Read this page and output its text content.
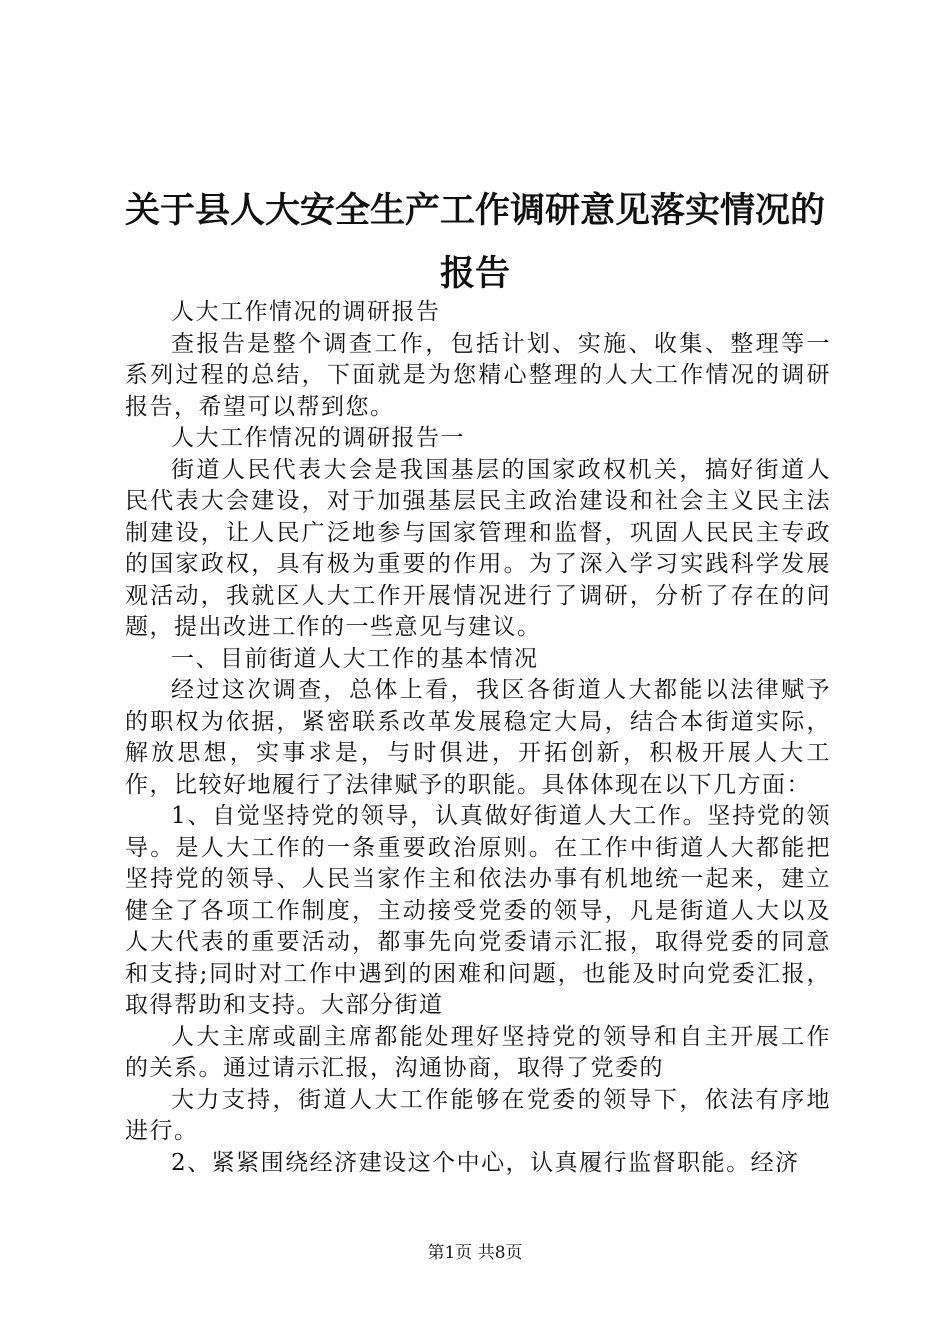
关于县人大安全生产工作调研意见落实情况的报告

人大工作情况的调研报告

查报告是整个调查工作，包括计划、实施、收集、整理等一系列过程的总结，下面就是为您精心整理的人大工作情况的调研报告，希望可以帮到您。

人大工作情况的调研报告一

街道人民代表大会是我国基层的国家政权机关，搞好街道人民代表大会建设，对于加强基层民主政治建设和社会主义民主法制建设，让人民广泛地参与国家管理和监督，巩固人民民主专政的国家政权，具有极为重要的作用。为了深入学习实践科学发展观活动，我就区人大工作开展情况进行了调研，分析了存在的问题，提出改进工作的一些意见与建议。

一、目前街道人大工作的基本情况

经过这次调查，总体上看，我区各街道人大都能以法律赋予的职权为依据，紧密联系改革发展稳定大局，结合本街道实际，解放思想，实事求是，与时俱进，开拓创新，积极开展人大工作，比较好地履行了法律赋予的职能。具体体现在以下几方面：

1、自觉坚持党的领导，认真做好街道人大工作。坚持党的领导。是人大工作的一条重要政治原则。在工作中街道人大都能把坚持党的领导、人民当家作主和依法办事有机地统一起来，建立健全了各项工作制度，主动接受党委的领导，凡是街道人大以及人大代表的重要活动，都事先向党委请示汇报，取得党委的同意和支持;同时对工作中遇到的困难和问题，也能及时向党委汇报，取得帮助和支持。大部分街道

人大主席或副主席都能处理好坚持党的领导和自主开展工作的关系。通过请示汇报，沟通协商，取得了党委的

大力支持，街道人大工作能够在党委的领导下，依法有序地进行。

2、紧紧围绕经济建设这个中心，认真履行监督职能。经济

第1页 共8页
